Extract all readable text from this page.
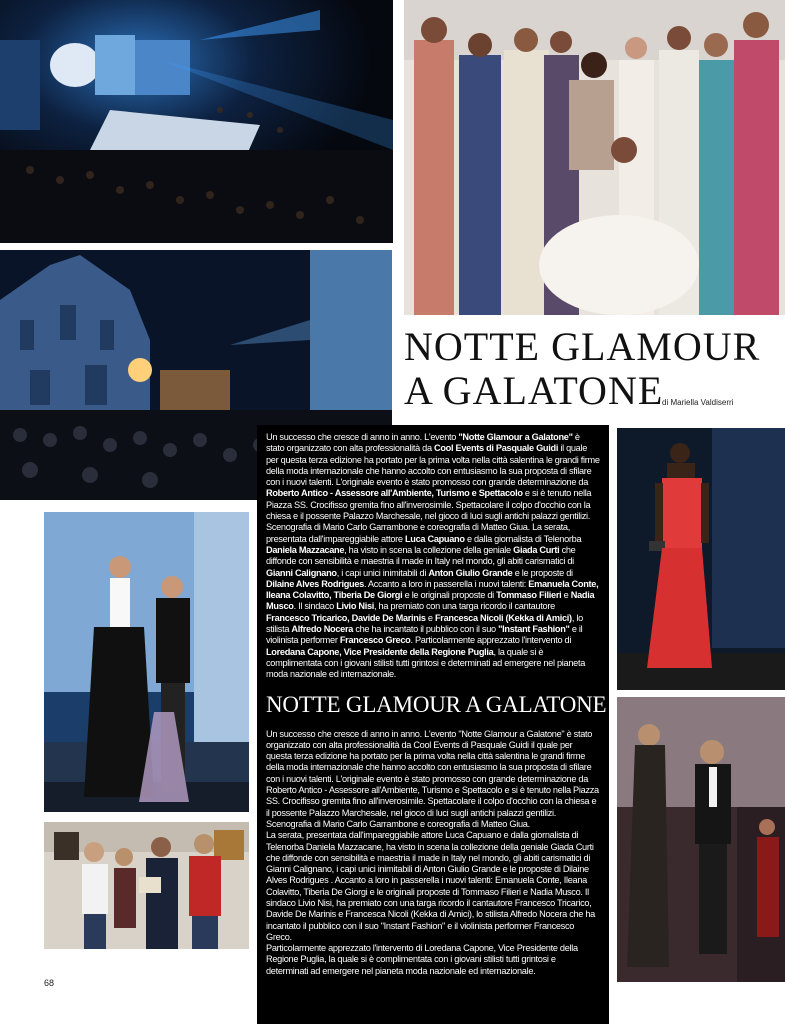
NOTTE GLAMOUR
A GALATONE
di Mariella Valdiserri

Un successo che cresce di anno in anno. L'evento "Notte Glamour a Galatone" è stato organizzato con alta professionalità da Cool Events di Pasquale Guidi il quale per questa terza edizione ha portato per la prima volta nella città salentina le grandi firme della moda internazionale che hanno accolto con entusiasmo la sua proposta di sfilare con i nuovi talenti. L'originale evento è stato promosso con grande determinazione da Roberto Antico - Assessore all'Ambiente, Turismo e Spettacolo e si è tenuto nella Piazza SS. Crocifisso gremita fino all'inverosimile. Spettacolare il colpo d'occhio con la chiesa e il possente Palazzo Marchesale, nel gioco di luci sugli antichi palazzi gentilizi. Scenografia di Mario Carlo Garrambone e coreografia di Matteo Giua. La serata, presentata dall'impareggiabile attore Luca Capuano e dalla giornalista di Telenorba Daniela Mazzacane, ha visto in scena la collezione della geniale Giada Curti che diffonde con sensibilità e maestria il made in Italy nel mondo, gli abiti carismatici di Gianni Calignano, i capi unici inimitabili di Anton Giulio Grande e le proposte di Dilaine Alves Rodrigues. Accanto a loro in passerella i nuovi talenti: Emanuela Conte, Ileana Colavitto, Tiberia De Giorgi e le originali proposte di Tommaso Filieri e Nadia Musco. Il sindaco Livio Nisi, ha premiato con una targa ricordo il cantautore Francesco Tricarico, Davide De Marinis e Francesca Nicoli (Kekka di Amici), lo stilista Alfredo Nocera che ha incantato il pubblico con il suo "Instant Fashion" e il violinista performer Francesco Greco. Particolarmente apprezzato l'intervento di Loredana Capone, Vice Presidente della Regione Puglia, la quale si è complimentata con i giovani stilisti tutti grintosi e determinati ad emergere nel pianeta moda nazionale ed internazionale.

NOTTE GLAMOUR A GALATONE

Un successo che cresce di anno in anno. L'evento "Notte Glamour a Galatone" è stato organizzato con alta professionalità da Cool Events di Pasquale Guidi il quale per questa terza edizione ha portato per la prima volta nella città salentina le grandi firme della moda internazionale che hanno accolto con entusiasmo la sua proposta di sfilare con i nuovi talenti. L'originale evento è stato promosso con grande determinazione da Roberto Antico - Assessore all'Ambiente, Turismo e Spettacolo e si è tenuto nella Piazza SS. Crocifisso gremita fino all'inverosimile. Spettacolare il colpo d'occhio con la chiesa e il possente Palazzo Marchesale, nel gioco di luci sugli antichi palazzi gentilizi. Scenografia di Mario Carlo Garrambone e coreografia di Matteo Giua.

La serata, presentata dall'impareggiabile attore Luca Capuano e dalla giornalista di Telenorba Daniela Mazzacane, ha visto in scena la collezione della geniale Giada Curti che diffonde con sensibilità e maestria il made in Italy nel mondo, gli abiti carismatici di Gianni Calignano, i capi unici inimitabili di Anton Giulio Grande e le proposte di Dilaine Alves Rodrigues . Accanto a loro in passerella i nuovi talenti: Emanuela Conte, Ileana Colavitto, Tiberia De Giorgi e le originali proposte di Tommaso Filieri e Nadia Musco. Il sindaco Livio Nisi, ha premiato con una targa ricordo il cantautore Francesco Tricarico, Davide De Marinis e Francesca Nicoli (Kekka di Amici), lo stilista Alfredo Nocera che ha incantato il pubblico con il suo "Instant Fashion" e il violinista performer Francesco Greco.

Particolarmente apprezzato l'intervento di Loredana Capone, Vice Presidente della Regione Puglia, la quale si è complimentata con i giovani stilisti tutti grintosi e determinati ad emergere nel pianeta moda nazionale ed internazionale.

68
